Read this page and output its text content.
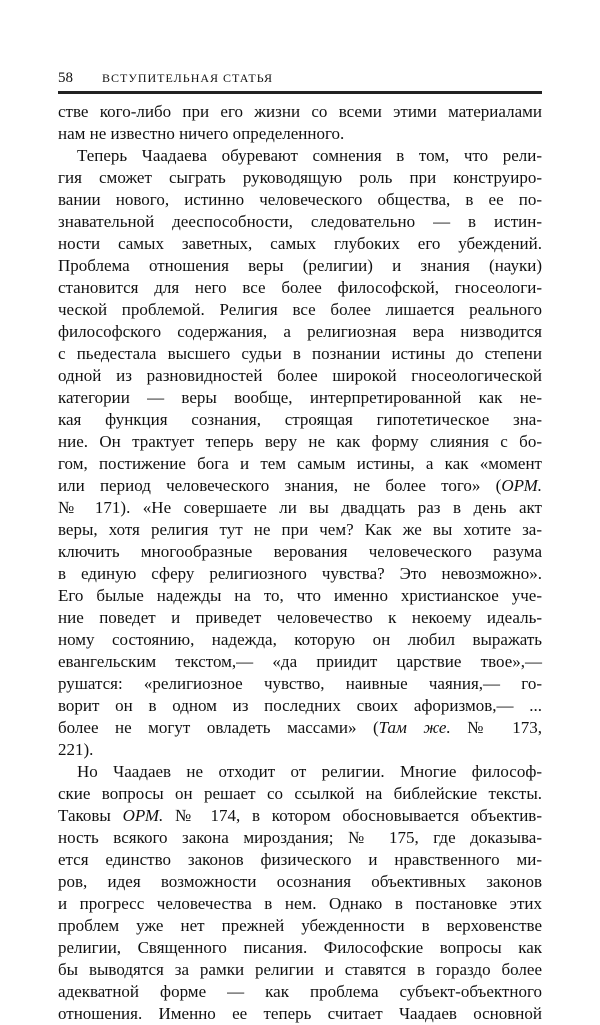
58 ВСТУПИТЕЛЬНАЯ СТАТЬЯ
стве кого-либо при его жизни со всеми этими материалами
нам не известно ничего определенного.
Теперь Чаадаева обуревают сомнения в том, что рели-
гия сможет сыграть руководящую роль при конструиро-
вании нового, истинно человеческого общества, в ее по-
знавательной дееспособности, следовательно — в истин-
ности самых заветных, самых глубоких его убеждений.
Проблема отношения веры (религии) и знания (науки)
становится для него все более философской, гносеологи-
ческой проблемой. Религия все более лишается реального
философского содержания, а религиозная вера низводится
с пьедестала высшего судьи в познании истины до степени
одной из разновидностей более широкой гносеологической
категории — веры вообще, интерпретированной как не-
кая функция сознания, строящая гипотетическое зна-
ние. Он трактует теперь веру не как форму слияния с бо-
гом, постижение бога и тем самым истины, а как «момент
или период человеческого знания, не более того» (ОРМ.
№ 171). «Не совершаете ли вы двадцать раз в день акт
веры, хотя религия тут не при чем? Как же вы хотите за-
ключить многообразные верования человеческого разума
в единую сферу религиозного чувства? Это невозможно».
Его былые надежды на то, что именно христианское уче-
ние поведет и приведет человечество к некоему идеаль-
ному состоянию, надежда, которую он любил выражать
евангельским текстом,— «да приидит царствие твое»,—
рушатся: «религиозное чувство, наивные чаяния,— го-
ворит он в одном из последних своих афоризмов,— ...
более не могут овладеть массами» (Там же. № 173,
221).
Но Чаадаев не отходит от религии. Многие философ-
ские вопросы он решает со ссылкой на библейские тексты.
Таковы ОРМ. № 174, в котором обосновывается объектив-
ность всякого закона мироздания; № 175, где доказыва-
ется единство законов физического и нравственного ми-
ров, идея возможности осознания объективных законов
и прогресс человечества в нем. Однако в постановке этих
проблем уже нет прежней убежденности в верховенстве
религии, Священного писания. Философские вопросы как
бы выводятся за рамки религии и ставятся в гораздо более
адекватной форме — как проблема субъект-объектного
отношения. Именно ее теперь считает Чаадаев основной
